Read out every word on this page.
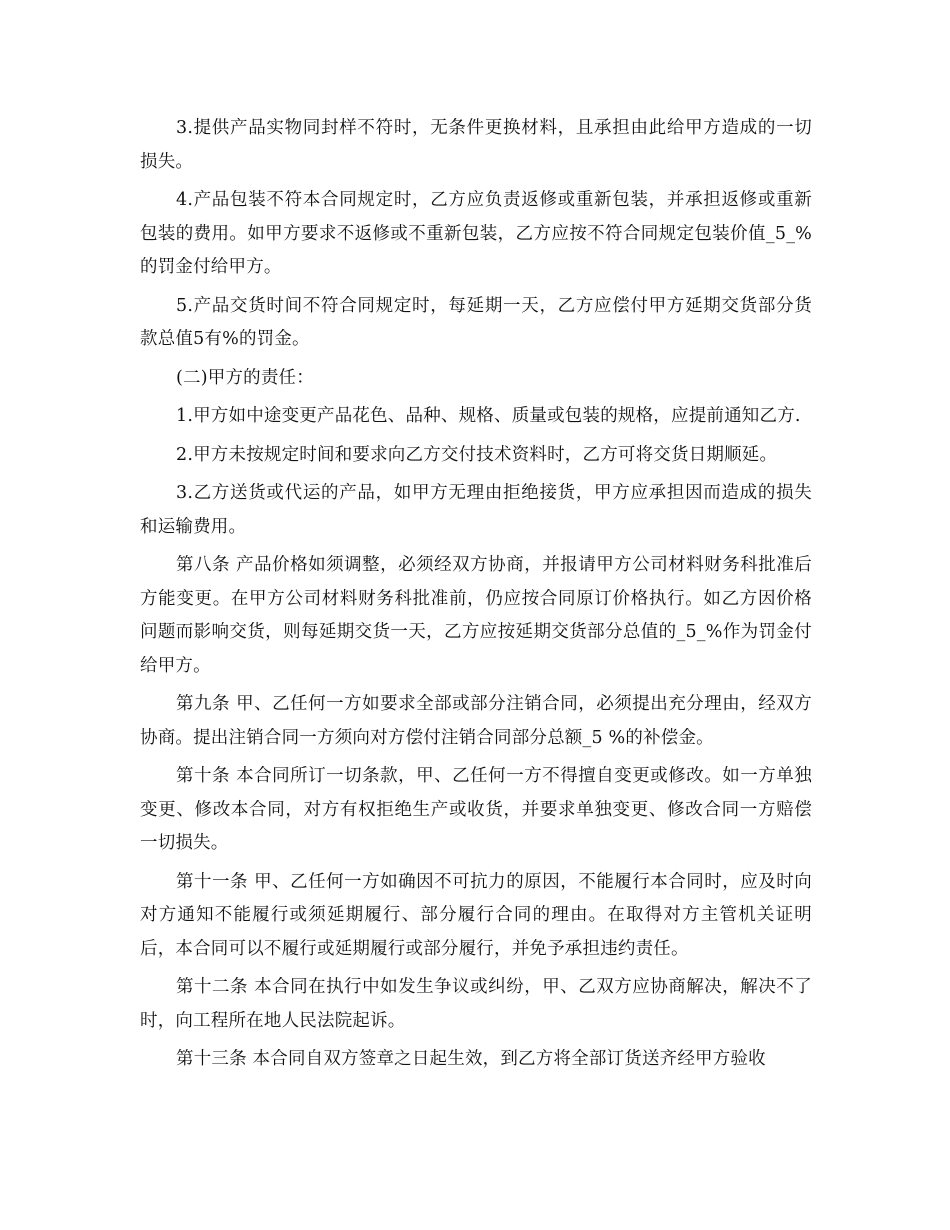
3.提供产品实物同封样不符时，无条件更换材料，且承担由此给甲方造成的一切损失。

4.产品包装不符本合同规定时，乙方应负责返修或重新包装，并承担返修或重新包装的费用。如甲方要求不返修或不重新包装，乙方应按不符合同规定包装价值_5_%的罚金付给甲方。

5.产品交货时间不符合同规定时，每延期一天，乙方应偿付甲方延期交货部分货款总值5有%的罚金。

(二)甲方的责任：

1.甲方如中途变更产品花色、品种、规格、质量或包装的规格，应提前通知乙方.

2.甲方未按规定时间和要求向乙方交付技术资料时，乙方可将交货日期顺延。

3.乙方送货或代运的产品，如甲方无理由拒绝接货，甲方应承担因而造成的损失和运输费用。

第八条 产品价格如须调整，必须经双方协商，并报请甲方公司材料财务科批准后方能变更。在甲方公司材料财务科批准前，仍应按合同原订价格执行。如乙方因价格问题而影响交货，则每延期交货一天，乙方应按延期交货部分总值的_5_%作为罚金付给甲方。

第九条 甲、乙任何一方如要求全部或部分注销合同，必须提出充分理由，经双方协商。提出注销合同一方须向对方偿付注销合同部分总额_5 %的补偿金。

第十条 本合同所订一切条款，甲、乙任何一方不得擅自变更或修改。如一方单独变更、修改本合同，对方有权拒绝生产或收货，并要求单独变更、修改合同一方赔偿一切损失。

第十一条 甲、乙任何一方如确因不可抗力的原因，不能履行本合同时，应及时向对方通知不能履行或须延期履行、部分履行合同的理由。在取得对方主管机关证明后，本合同可以不履行或延期履行或部分履行，并免予承担违约责任。

第十二条 本合同在执行中如发生争议或纠纷，甲、乙双方应协商解决，解决不了时，向工程所在地人民法院起诉。

第十三条 本合同自双方签章之日起生效，到乙方将全部订货送齐经甲方验收
